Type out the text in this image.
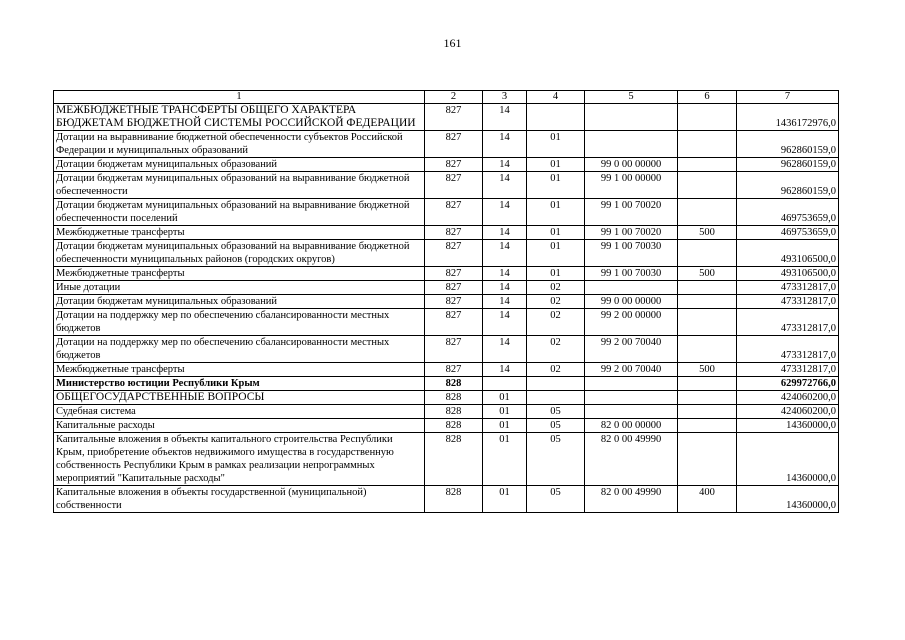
161
1	2	3	4	5	6	7
МЕЖБЮДЖЕТНЫЕ ТРАНСФЕРТЫ ОБЩЕГО ХАРАКТЕРА БЮДЖЕТАМ БЮДЖЕТНОЙ СИСТЕМЫ РОССИЙСКОЙ ФЕДЕРАЦИИ	827	14				1436172976,0
Дотации на выравнивание бюджетной обеспеченности субъектов Российской Федерации и муниципальных образований	827	14	01			962860159,0
Дотации бюджетам муниципальных образований	827	14	01	99 0 00 00000		962860159,0
Дотации бюджетам муниципальных образований на выравнивание бюджетной обеспеченности	827	14	01	99 1 00 00000		962860159,0
Дотации бюджетам муниципальных образований на выравнивание бюджетной обеспеченности поселений	827	14	01	99 1 00 70020		469753659,0
Межбюджетные трансферты	827	14	01	99 1 00 70020	500	469753659,0
Дотации бюджетам муниципальных образований на выравнивание бюджетной обеспеченности муниципальных районов (городских округов)	827	14	01	99 1 00 70030		493106500,0
Межбюджетные трансферты	827	14	01	99 1 00 70030	500	493106500,0
Иные дотации	827	14	02			473312817,0
Дотации бюджетам муниципальных образований	827	14	02	99 0 00 00000		473312817,0
Дотации на поддержку мер по обеспечению сбалансированности местных бюджетов	827	14	02	99 2 00 00000		473312817,0
Дотации на поддержку мер по обеспечению сбалансированности местных бюджетов	827	14	02	99 2 00 70040		473312817,0
Межбюджетные трансферты	827	14	02	99 2 00 70040	500	473312817,0
Министерство юстиции Республики Крым	828					629972766,0
ОБЩЕГОСУДАРСТВЕННЫЕ ВОПРОСЫ	828	01				424060200,0
Судебная система	828	01	05			424060200,0
Капитальные расходы	828	01	05	82 0 00 00000		14360000,0
Капитальные вложения в объекты капитального строительства Республики Крым, приобретение объектов недвижимого имущества в государственную собственность Республики Крым в рамках реализации непрограммных мероприятий "Капитальные расходы"	828	01	05	82 0 00 49990		14360000,0
Капитальные вложения в объекты государственной (муниципальной) собственности	828	01	05	82 0 00 49990	400	14360000,0
